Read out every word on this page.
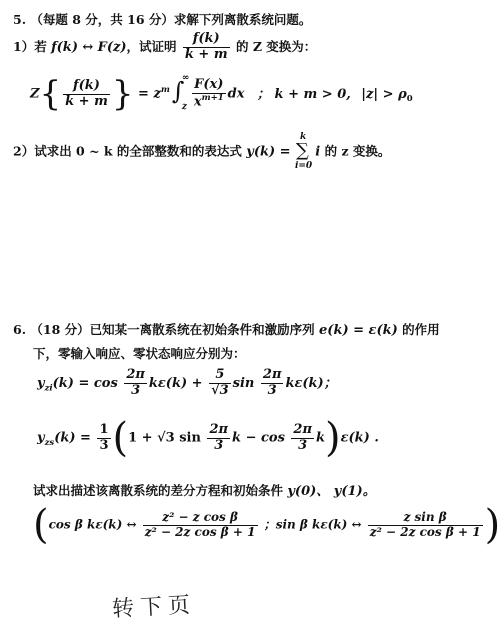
5. （每题 8 分，共 16 分）求解下列离散系统问题。
1）若 f(k) ↔ F(z)，试证明 $\frac{f(k)}{k + m}$ 的 Z 变换为：
$Z\{ \frac{f(k)}{k + m}$ } = $z^m$ ∫
∞
z $\frac{F(x)}{x^{m+1}}$ dx ； k + m > 0, $|z| > \rho_0$
2）试求出 0 ~ k 的全部整数和的表达式 y(k) =
k
∑
i=0
i 的 z 变换。
6. （18 分）已知某一离散系统在初始条件和激励序列 e(k) = ε(k) 的作用
下，零输入响应、零状态响应分别为：
$y_{zi}(k) = \cos \frac{2\pi}{3} k\varepsilon(k) + \frac{5}{√3}$ $\sin \frac{2\pi}{3} k\varepsilon(k)$；
$y_{zs}(k) = \frac{1}{3} (1 + √3$ $\sin \frac{2\pi}{3}$ $k - \cos \frac{2\pi}{3} k)\varepsilon(k)$ .
试求出描述该离散系统的差分方程和初始条件 y(0)、 y(1)。
(cos β kε(k) ↔ $\frac{\text{z² − z cos β}}{\text{z² − 2z cos β + 1}}$ ；sin β kε(k) ↔ $\frac{\text{z sin β}}{\text{z² − 2z cos β + 1}}$ )
转下页
